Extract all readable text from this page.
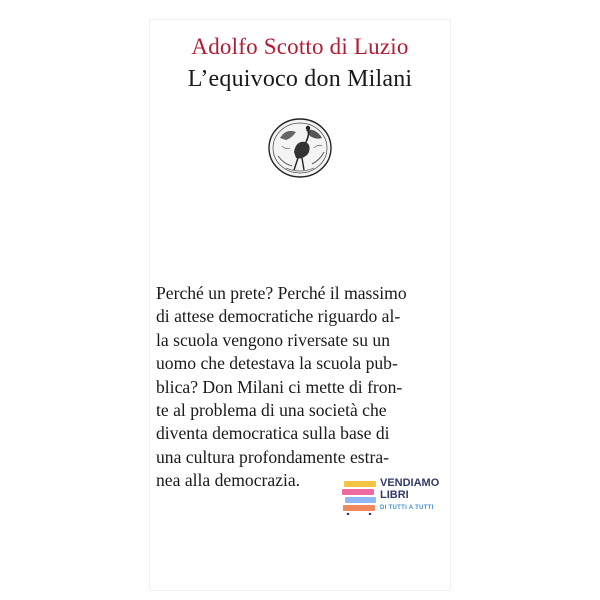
Adolfo Scotto di Luzio
L’equivoco don Milani
Perché un prete? Perché il massimo
di attese democratiche riguardo al-
la scuola vengono riversate su un
uomo che detestava la scuola pub-
blica? Don Milani ci mette di fron-
te al problema di una società che
diventa democratica sulla base di
una cultura profondamente estra-
nea alla democrazia.	VENDIAMO
LIBRI
DI TUTTI A TUTTI
